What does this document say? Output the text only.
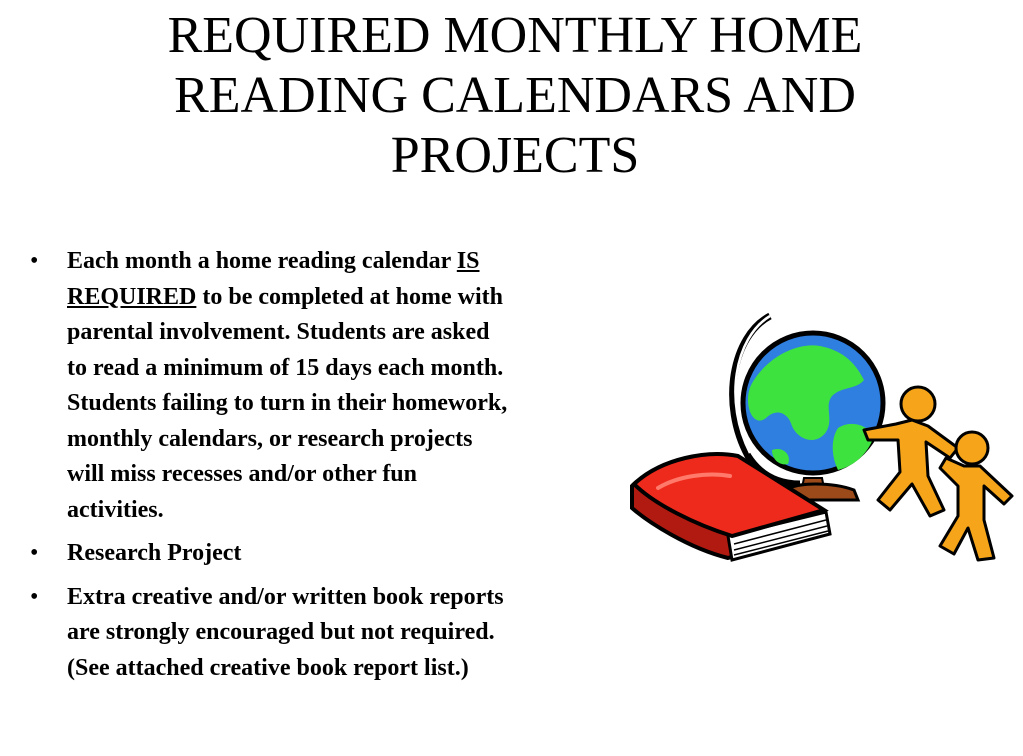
REQUIRED MONTHLY HOME
READING CALENDARS AND
PROJECTS
• Each month a home reading calendar IS
REQUIRED to be completed at home with
parental involvement. Students are asked
to read a minimum of 15 days each month.
Students failing to turn in their homework,
monthly calendars, or research projects
will miss recesses and/or other fun
activities.
• Research Project
• Extra creative and/or written book reports
are strongly encouraged but not required.
(See attached creative book report list.)
